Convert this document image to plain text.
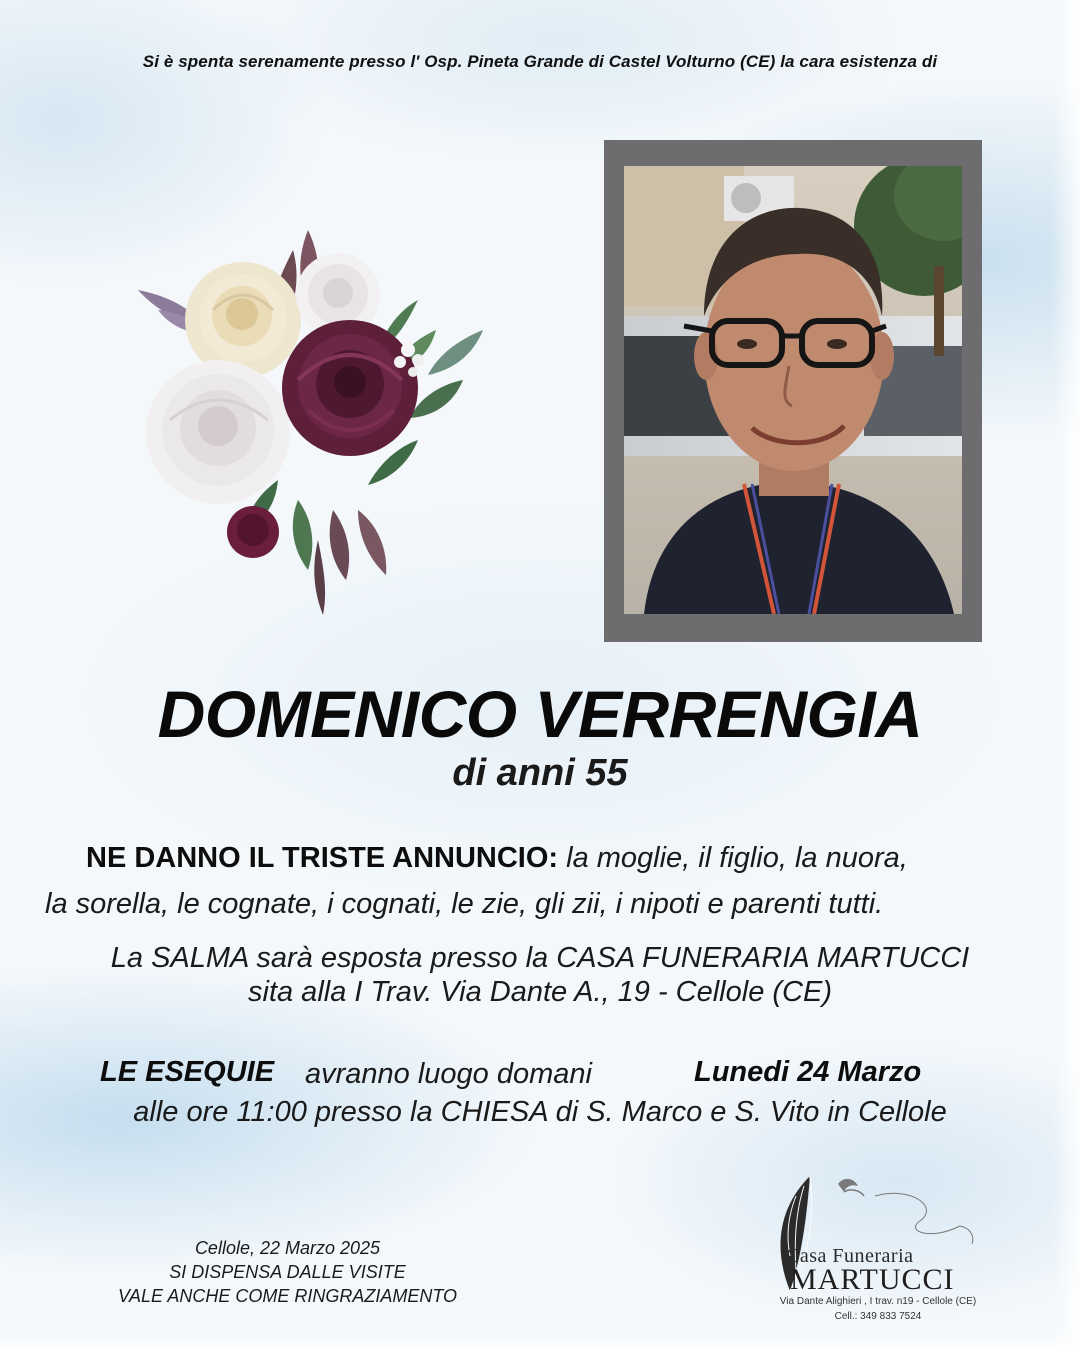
Si è spenta serenamente presso l' Osp. Pineta Grande di Castel Volturno (CE) la cara esistenza di
DOMENICO VERRENGIA
di anni 55
NE DANNO IL TRISTE ANNUNCIO: la moglie, il figlio, la nuora,
la sorella, le cognate, i cognati, le zie, gli zii, i nipoti e parenti tutti.
La SALMA sarà esposta presso la CASA FUNERARIA MARTUCCI
sita alla I Trav. Via Dante A., 19 - Cellole (CE)
LE ESEQUIE avranno luogo domani	Lunedi 24 Marzo
alle ore 11:00 presso la CHIESA di S. Marco e S. Vito in Cellole
Cellole, 22 Marzo 2025
SI DISPENSA DALLE VISITE
VALE ANCHE COME RINGRAZIAMENTO
Casa Funeraria
MARTUCCI
Via Dante Alighieri , I trav. n19 - Cellole (CE)
Cell.: 349 833 7524
